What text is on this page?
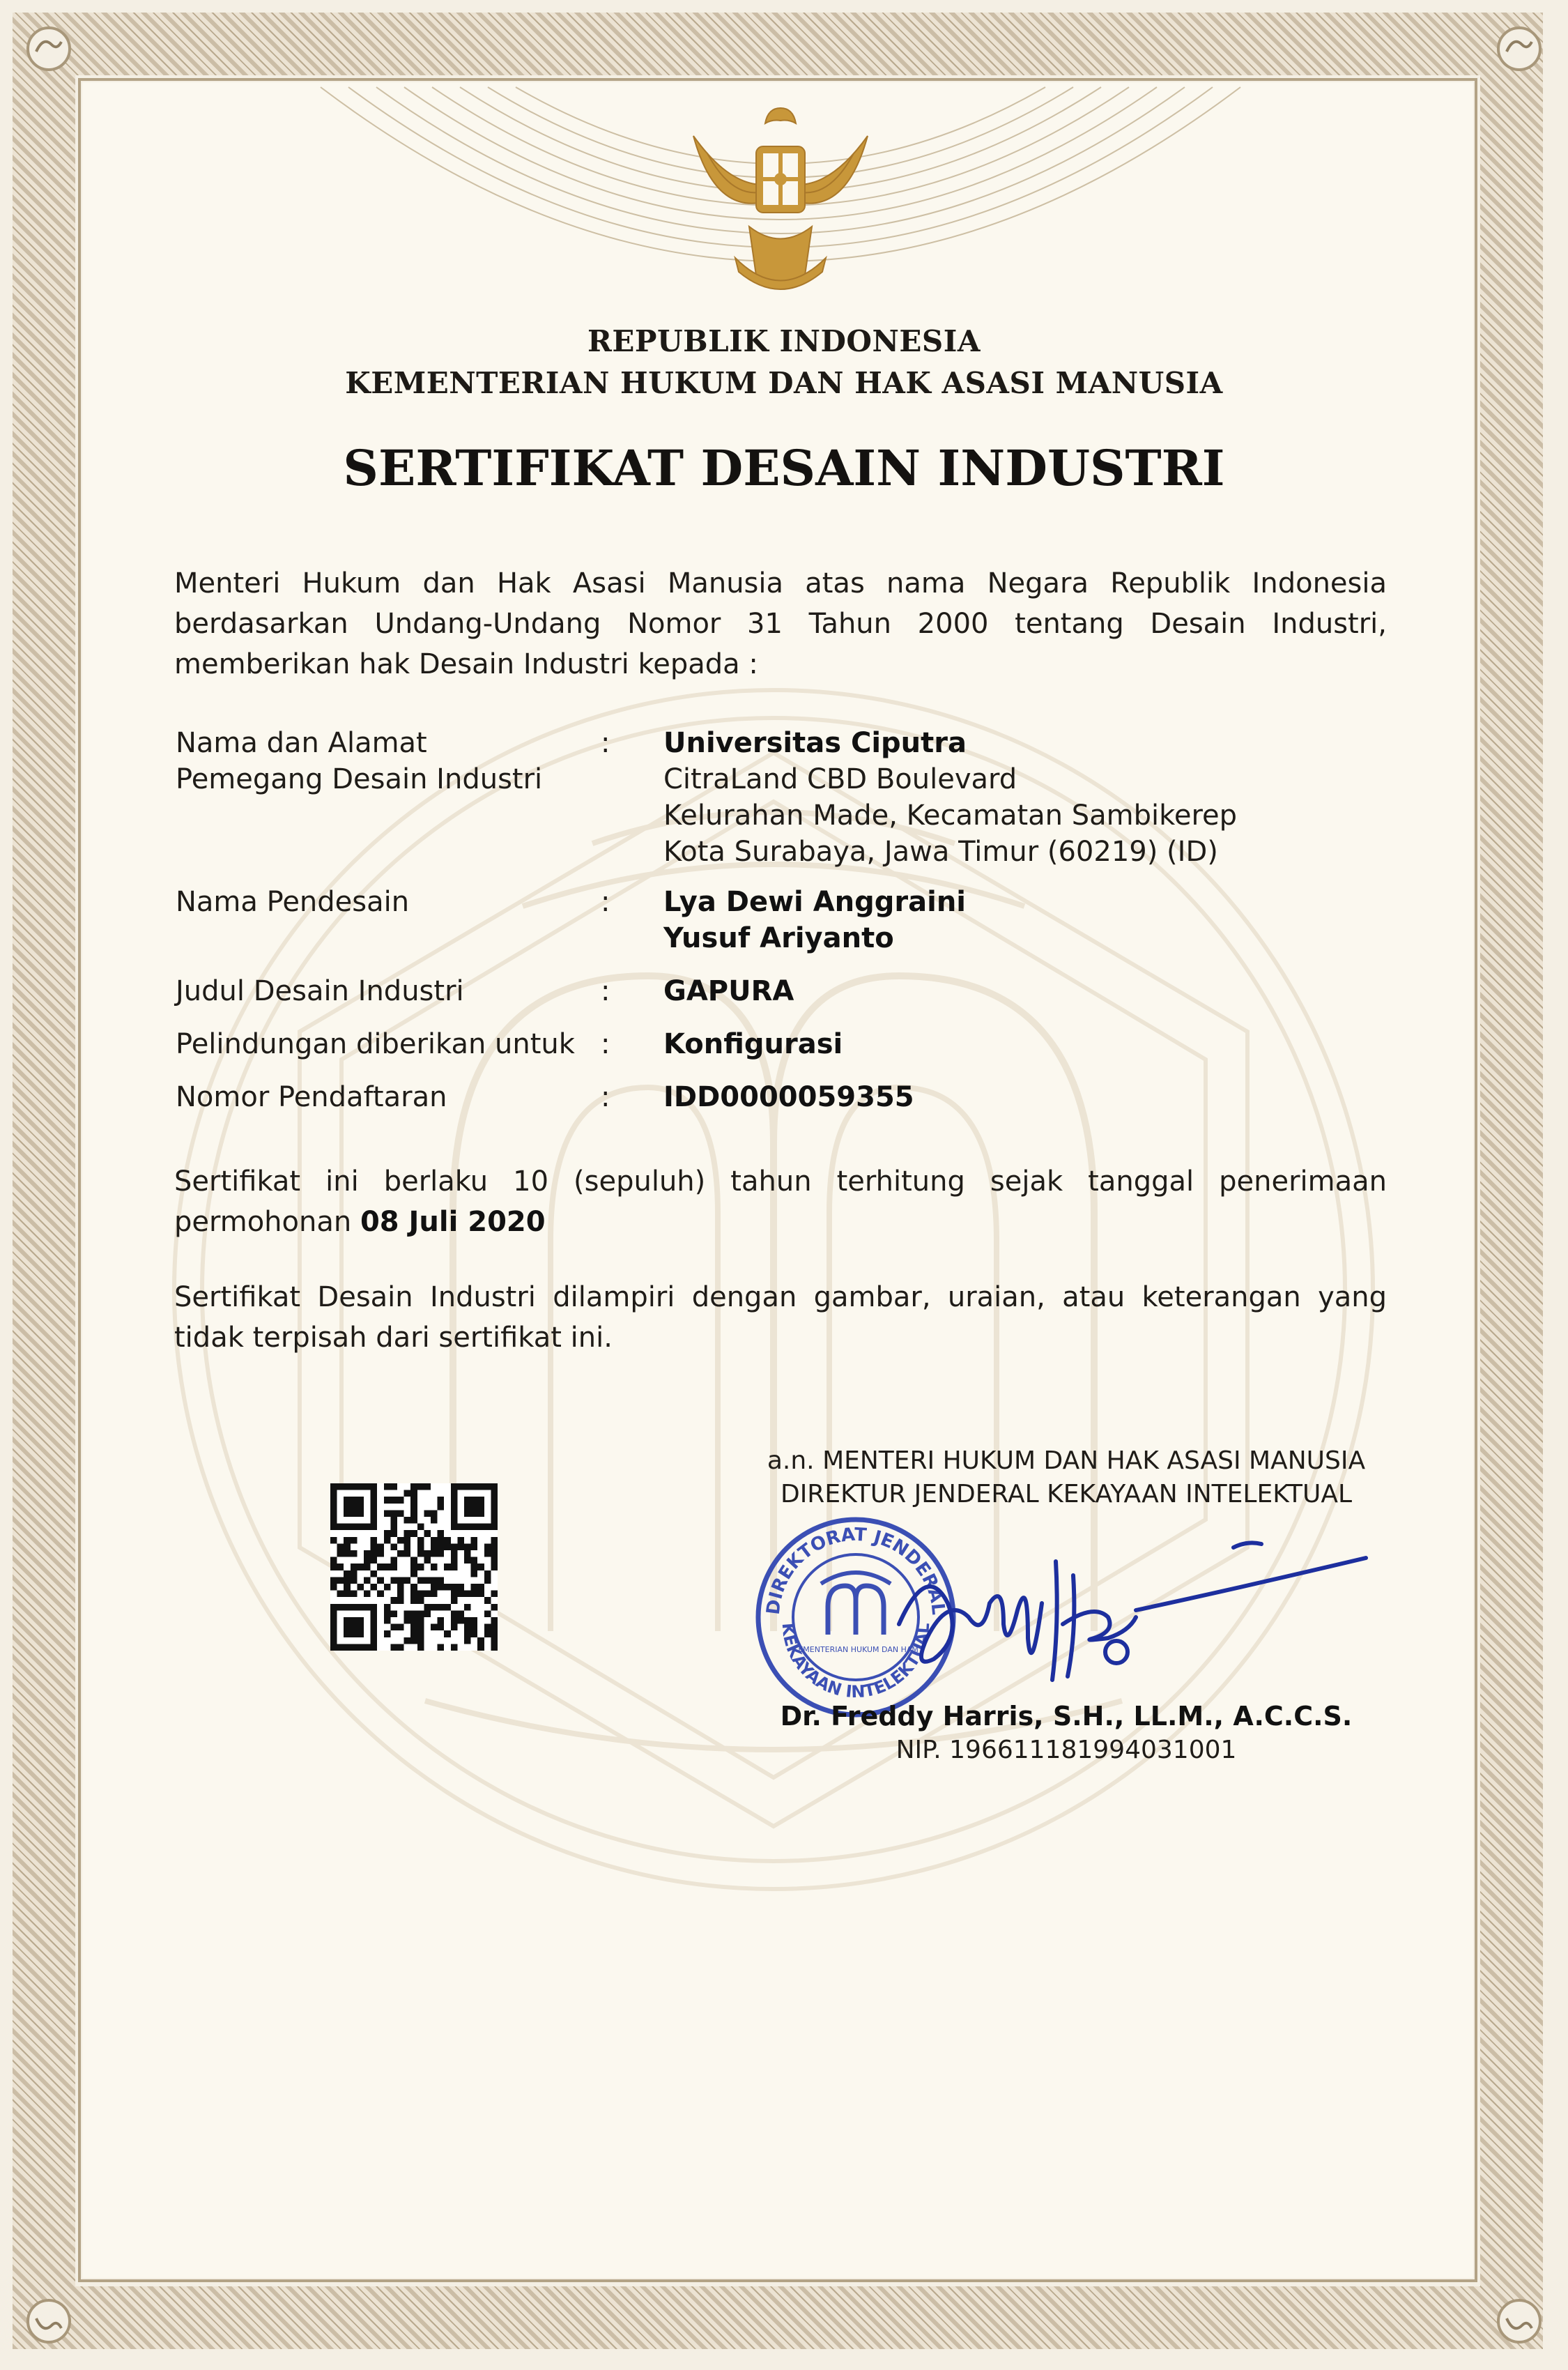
REPUBLIK INDONESIA
KEMENTERIAN HUKUM DAN HAK ASASI MANUSIA
SERTIFIKAT DESAIN INDUSTRI
Menteri Hukum dan Hak Asasi Manusia atas nama Negara Republik Indonesia berdasarkan Undang-Undang Nomor 31 Tahun 2000 tentang Desain Industri, memberikan hak Desain Industri kepada :
Nama dan Alamat
Pemegang Desain Industri
: Universitas Ciputra
CitraLand CBD Boulevard
Kelurahan Made, Kecamatan Sambikerep
Kota Surabaya, Jawa Timur (60219) (ID)
Nama Pendesain	: Lya Dewi Anggraini
Yusuf Ariyanto
Judul Desain Industri	: GAPURA
Pelindungan diberikan untuk : Konfigurasi
Nomor Pendaftaran	: IDD0000059355
Sertifikat ini berlaku 10 (sepuluh) tahun terhitung sejak tanggal penerimaan permohonan 08 Juli 2020
Sertifikat Desain Industri dilampiri dengan gambar, uraian, atau keterangan yang tidak terpisah dari sertifikat ini.
a.n. MENTERI HUKUM DAN HAK ASASI MANUSIA
DIREKTUR JENDERAL KEKAYAAN INTELEKTUAL
DIREKTORAT JENDERAL
KEKAYAAN INTELEKTUAL
KEMENTERIAN HUKUM DAN HAM
Dr. Freddy Harris, S.H., LL.M., A.C.C.S.
NIP. 196611181994031001
